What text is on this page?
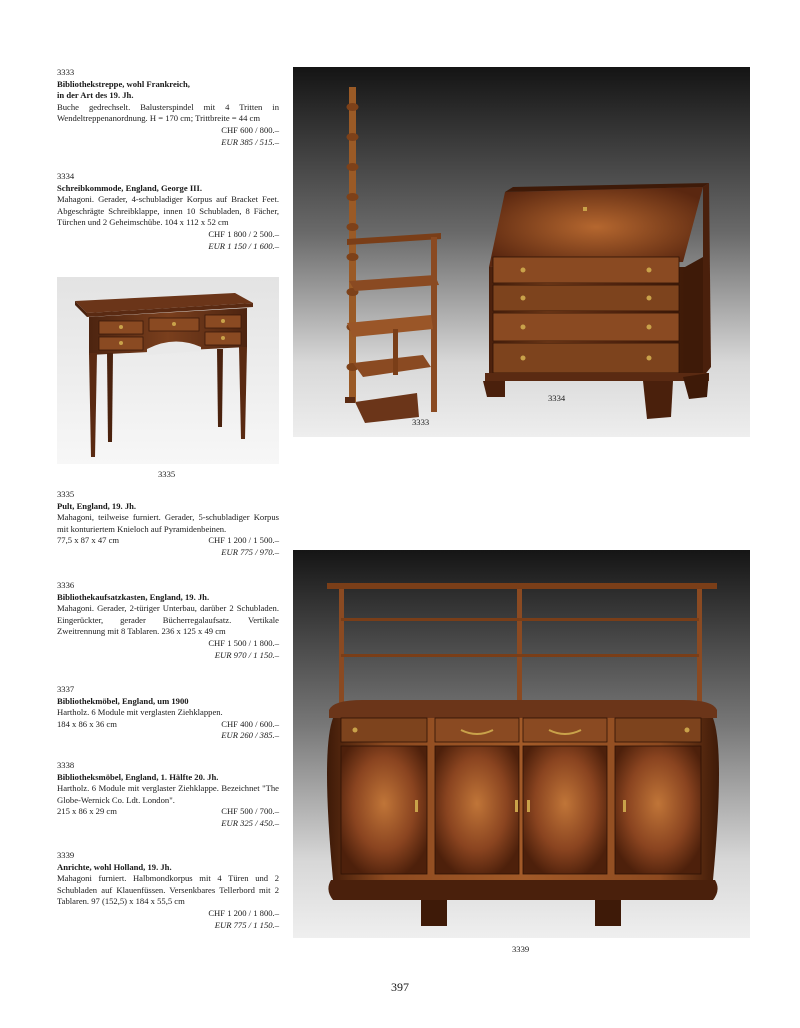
3333
Bibliothekstreppe, wohl Frankreich,
in der Art des 19. Jh.
Buche gedrechselt. Balusterspindel mit 4 Tritten in Wendeltreppenanordnung. H = 170 cm; Trittbreite = 44 cm
CHF 600 / 800.–
EUR 385 / 515.–
3334
Schreibkommode, England, George III.
Mahagoni. Gerader, 4-schubladiger Korpus auf Bracket Feet. Abgeschrägte Schreibklappe, innen 10 Schubladen, 8 Fächer, Türchen und 2 Geheimschübe. 104 x 112 x 52 cm
CHF 1 800 / 2 500.–
EUR 1 150 / 1 600.–
3335
Pult, England, 19. Jh.
Mahagoni, teilweise furniert. Gerader, 5-schubladiger Korpus mit konturiertem Knieloch auf Pyramidenbeinen.
77,5 x 87 x 47 cm	CHF 1 200 / 1 500.–
EUR 775 / 970.–
3336
Bibliothekaufsatzkasten, England, 19. Jh.
Mahagoni. Gerader, 2-türiger Unterbau, darüber 2 Schubladen. Eingerückter, gerader Bücherregalaufsatz. Vertikale Zweitrennung mit 8 Tablaren. 236 x 125 x 49 cm
CHF 1 500 / 1 800.–
EUR 970 / 1 150.–
3337
Bibliothekmöbel, England, um 1900
Hartholz. 6 Module mit verglasten Ziehklappen.
184 x 86 x 36 cm	CHF 400 / 600.–
EUR 260 / 385.–
3338
Bibliotheksmöbel, England, 1. Hälfte 20. Jh.
Hartholz. 6 Module mit verglaster Ziehklappe. Bezeichnet "The Globe-Wernick Co. Ldt. London".
215 x 86 x 29 cm	CHF 500 / 700.–
EUR 325 / 450.–
3339
Anrichte, wohl Holland, 19. Jh.
Mahagoni furniert. Halbmondkorpus mit 4 Türen und 2 Schubladen auf Klauenfüssen. Versenkbares Tellerbord mit 2 Tablaren. 97 (152,5) x 184 x 55,5 cm
CHF 1 200 / 1 800.–
EUR 775 / 1 150.–
3335
3333
3334
3339
397
